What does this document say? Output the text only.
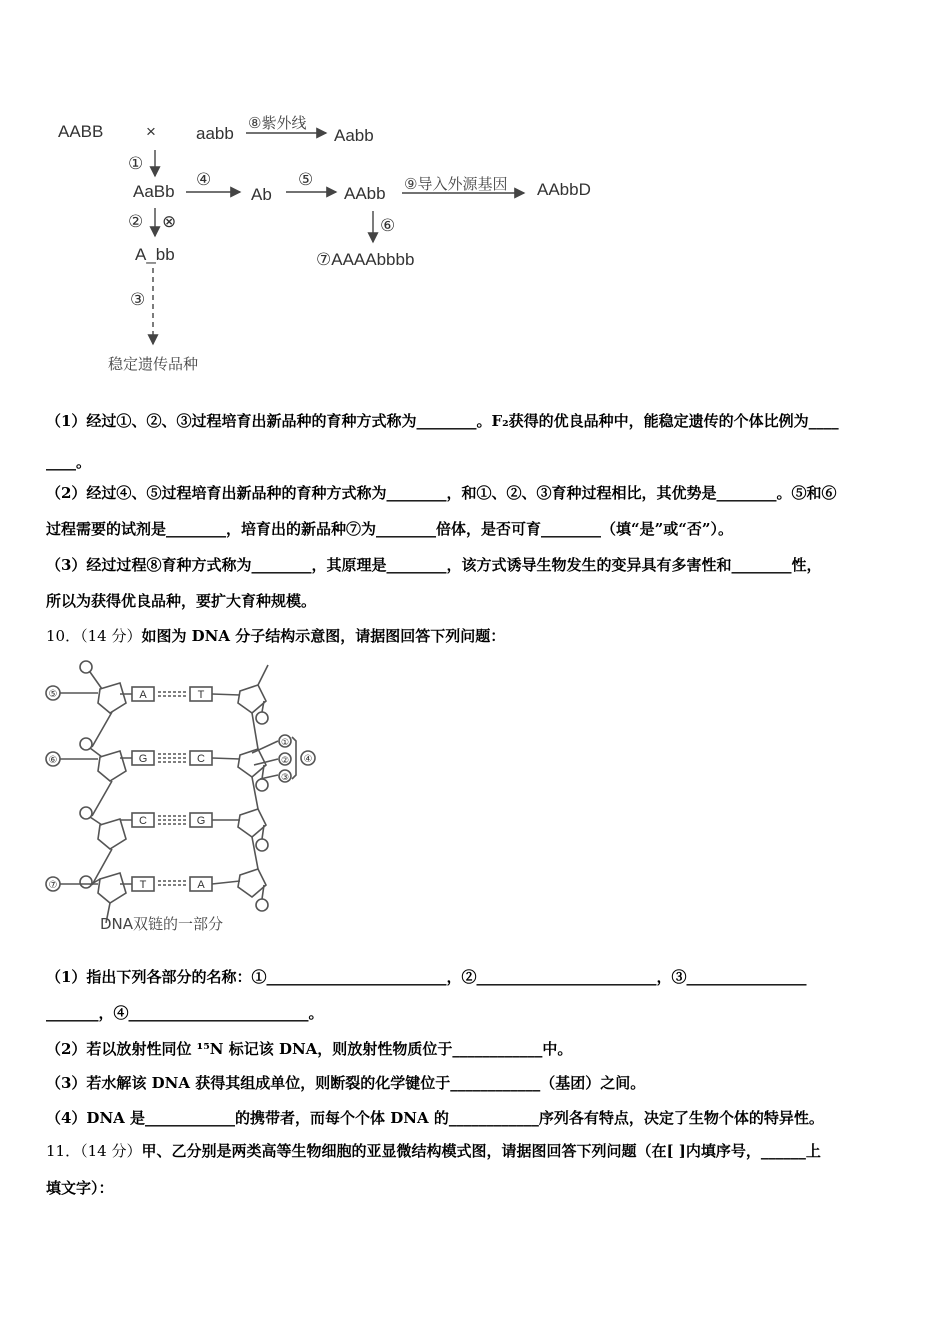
AABB	× aabb
⑧紫外线
Aabb
①
AaBb
④
Ab
⑤
AAbb ⑨导入外源基因 AAbbD
② ⊗	⑥
A_bb	⑦AAAAbbbb
③
稳定遗传品种
（1）经过①、②、③过程培育出新品种的育种方式称为________。F₂获得的优良品种中，能稳定遗传的个体比例为____
____。
（2）经过④、⑤过程培育出新品种的育种方式称为________，和①、②、③育种过程相比，其优势是________。⑤和⑥
过程需要的试剂是________，培育出的新品种⑦为________倍体，是否可育________（填“是”或“否”）。
（3）经过过程⑧育种方式称为________，其原理是________，该方式诱导生物发生的变异具有多害性和________性，
所以为获得优良品种，要扩大育种规模。
10．（14 分）如图为 DNA 分子结构示意图，请据图回答下列问题：
A
G
C
T
T
C
G
A
⑤
⑥
⑦
①
②
③
④
DNA双链的一部分
（1）指出下列各部分的名称：①________________________，②________________________，③________________
_______，④________________________。
（2）若以放射性同位 ¹⁵N 标记该 DNA，则放射性物质位于____________中。
（3）若水解该 DNA 获得其组成单位，则断裂的化学键位于____________（基团）之间。
（4）DNA 是____________的携带者，而每个个体 DNA 的____________序列各有特点，决定了生物个体的特异性。
11．（14 分）甲、乙分别是两类高等生物细胞的亚显微结构模式图，请据图回答下列问题（在[ ]内填序号，______上
填文字）：
